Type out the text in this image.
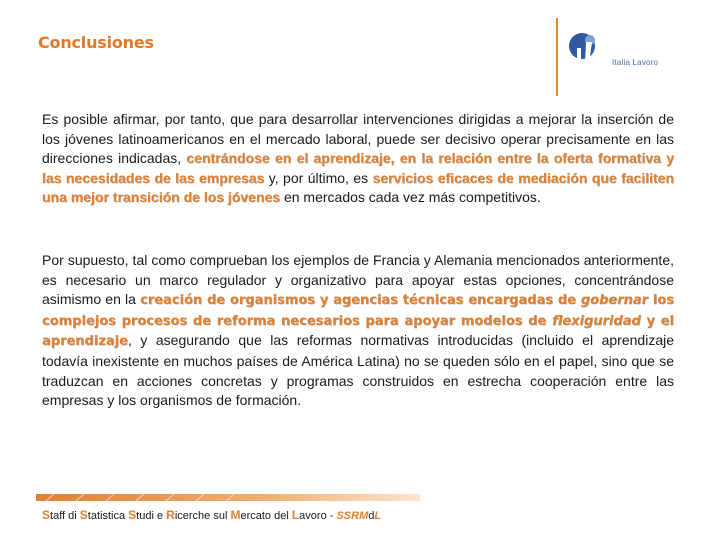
Conclusiones
Italia Lavoro

Es posible afirmar, por tanto, que para desarrollar intervenciones dirigidas a mejorar la inserción de los jóvenes latinoamericanos en el mercado laboral, puede ser decisivo operar precisamente en las direcciones indicadas, centrándose en el aprendizaje, en la relación entre la oferta formativa y las necesidades de las empresas y, por último, es servicios eficaces de mediación que faciliten una mejor transición de los jóvenes en mercados cada vez más competitivos.

Por supuesto, tal como comprueban los ejemplos de Francia y Alemania mencionados anteriormente, es necesario un marco regulador y organizativo para apoyar estas opciones, concentrándose asimismo en la creación de organismos y agencias técnicas encargadas de gobernar los complejos procesos de reforma necesarios para apoyar modelos de flexiguridad y el aprendizaje, y asegurando que las reformas normativas introducidas (incluido el aprendizaje todavía inexistente en muchos países de América Latina) no se queden sólo en el papel, sino que se traduzcan en acciones concretas y programas construidos en estrecha cooperación entre las empresas y los organismos de formación.

Staff di Statistica Studi e Ricerche sul Mercato del Lavoro - SSRMdL
